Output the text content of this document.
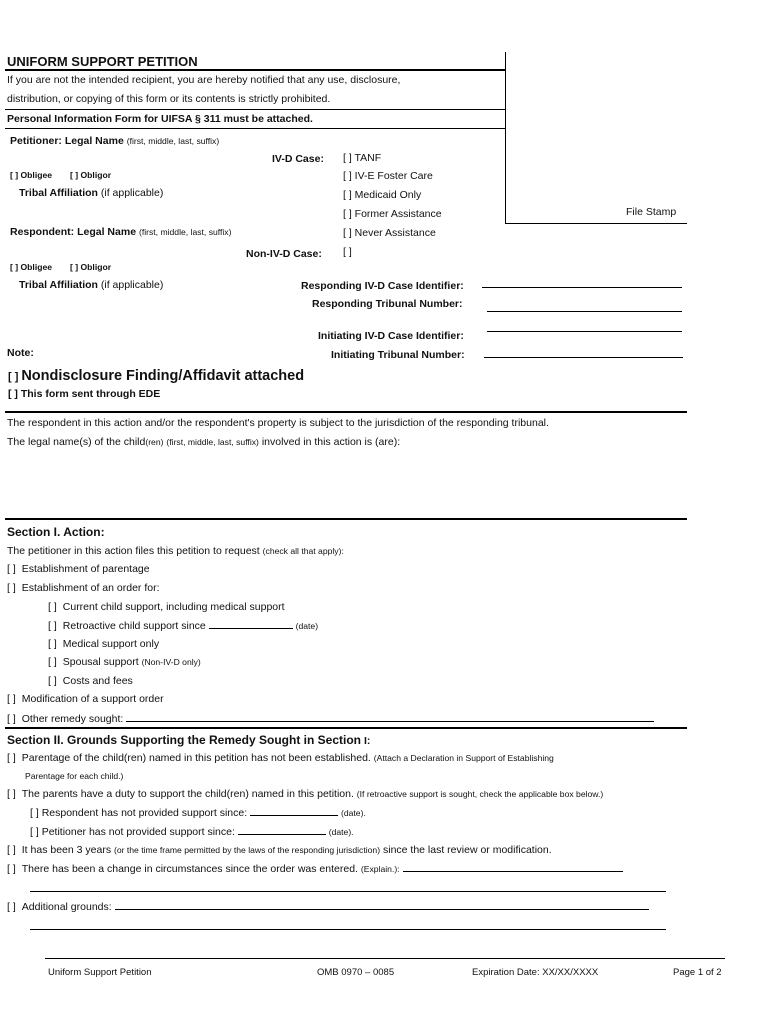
UNIFORM SUPPORT PETITION
File Stamp
If you are not the intended recipient, you are hereby notified that any use, disclosure,
distribution, or copying of this form or its contents is strictly prohibited.
Personal Information Form for UIFSA § 311 must be attached.
Petitioner: Legal Name (first, middle, last, suffix)
[ ] Obligee [ ] Obligor
Tribal Affiliation (if applicable)
IV-D Case: [ ] TANF
[ ] IV-E Foster Care
[ ] Medicaid Only
[ ] Former Assistance
[ ] Never Assistance
Respondent: Legal Name (first, middle, last, suffix)
Non-IV-D Case: [ ]
[ ] Obligee [ ] Obligor
Tribal Affiliation (if applicable)	Responding IV-D Case Identifier:
Responding Tribunal Number:
Initiating IV-D Case Identifier:
Note:	Initiating Tribunal Number:
[ ] Nondisclosure Finding/Affidavit attached
[ ] This form sent through EDE
The respondent in this action and/or the respondent's property is subject to the jurisdiction of the responding tribunal.
The legal name(s) of the child(ren) (first, middle, last, suffix) involved in this action is (are):
Section I. Action:
The petitioner in this action files this petition to request (check all that apply):
[ ] Establishment of parentage
[ ] Establishment of an order for:
[ ] Current child support, including medical support
[ ] Retroactive child support since	(date)
[ ] Medical support only
[ ] Spousal support (Non-IV-D only)
[ ] Costs and fees
[ ] Modification of a support order
[ ] Other remedy sought:
Section II. Grounds Supporting the Remedy Sought in Section I:
[ ] Parentage of the child(ren) named in this petition has not been established. (Attach a Declaration in Support of Establishing
Parentage for each child.)
[ ] The parents have a duty to support the child(ren) named in this petition. (If retroactive support is sought, check the applicable box below.)
[ ] Respondent has not provided support since:	(date).
[ ] Petitioner has not provided support since:	(date).
[ ] It has been 3 years (or the time frame permitted by the laws of the responding jurisdiction) since the last review or modification.
[ ] There has been a change in circumstances since the order was entered. (Explain.):
[ ] Additional grounds:
Uniform Support Petition	OMB 0970 – 0085	Expiration Date: XX/XX/XXXX	Page 1 of 2
